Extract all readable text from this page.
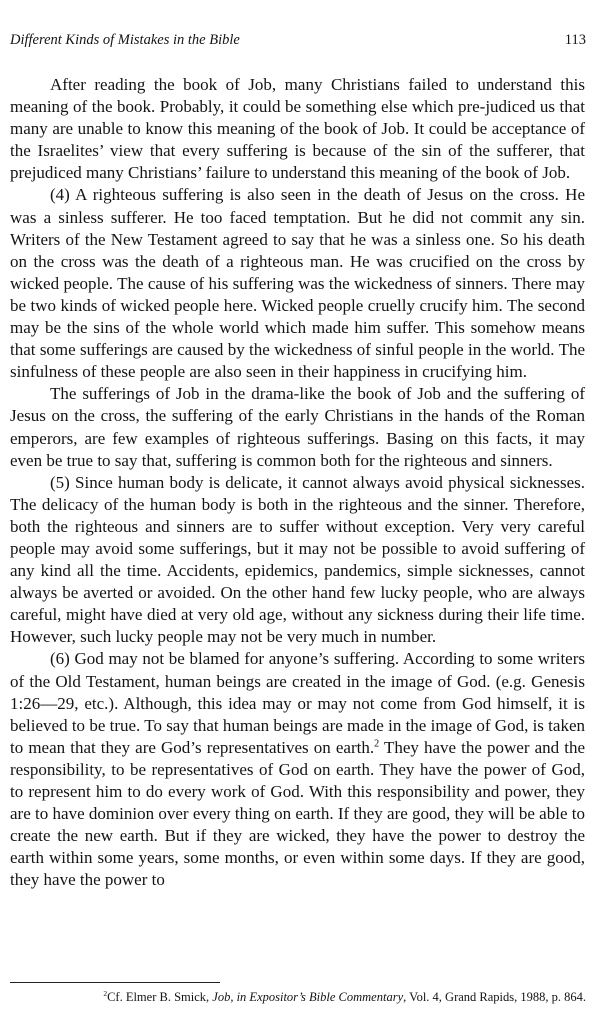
Different Kinds of Mistakes in the Bible	113

After reading the book of Job, many Christians failed to understand this meaning of the book. Probably, it could be something else which pre-judiced us that many are unable to know this meaning of the book of Job. It could be acceptance of the Israelites’ view that every suffering is because of the sin of the sufferer, that prejudiced many Christians’ failure to understand this meaning of the book of Job.

(4) A righteous suffering is also seen in the death of Jesus on the cross. He was a sinless sufferer. He too faced temptation. But he did not commit any sin. Writers of the New Testament agreed to say that he was a sinless one. So his death on the cross was the death of a righteous man. He was crucified on the cross by wicked people. The cause of his suffering was the wickedness of sinners. There may be two kinds of wicked people here. Wicked people cruelly crucify him. The second may be the sins of the whole world which made him suffer. This somehow means that some sufferings are caused by the wickedness of sinful people in the world. The sinfulness of these people are also seen in their happiness in crucifying him.

The sufferings of Job in the drama-like the book of Job and the suffering of Jesus on the cross, the suffering of the early Christians in the hands of the Roman emperors, are few examples of righteous sufferings. Basing on this facts, it may even be true to say that, suffering is common both for the righteous and sinners.

(5) Since human body is delicate, it cannot always avoid physical sicknesses. The delicacy of the human body is both in the righteous and the sinner. Therefore, both the righteous and sinners are to suffer without exception. Very very careful people may avoid some sufferings, but it may not be possible to avoid suffering of any kind all the time. Accidents, epidemics, pandemics, simple sicknesses, cannot always be averted or avoided. On the other hand few lucky people, who are always careful, might have died at very old age, without any sickness during their life time. However, such lucky people may not be very much in number.

(6) God may not be blamed for anyone’s suffering. According to some writers of the Old Testament, human beings are created in the image of God. (e.g. Genesis 1:26—29, etc.). Although, this idea may or may not come from God himself, it is believed to be true. To say that human beings are made in the image of God, is taken to mean that they are God’s representatives on earth.$^2$ They have the power and the responsibility, to be representatives of God on earth. They have the power of God, to represent him to do every work of God. With this responsibility and power, they are to have dominion over every thing on earth. If they are good, they will be able to create the new earth. But if they are wicked, they have the power to destroy the earth within some years, some months, or even within some days. If they are good, they have the power to

$^2$Cf. Elmer B. Smick, Job, in Expositor’s Bible Commentary, Vol. 4, Grand Rapids, 1988, p. 864.
